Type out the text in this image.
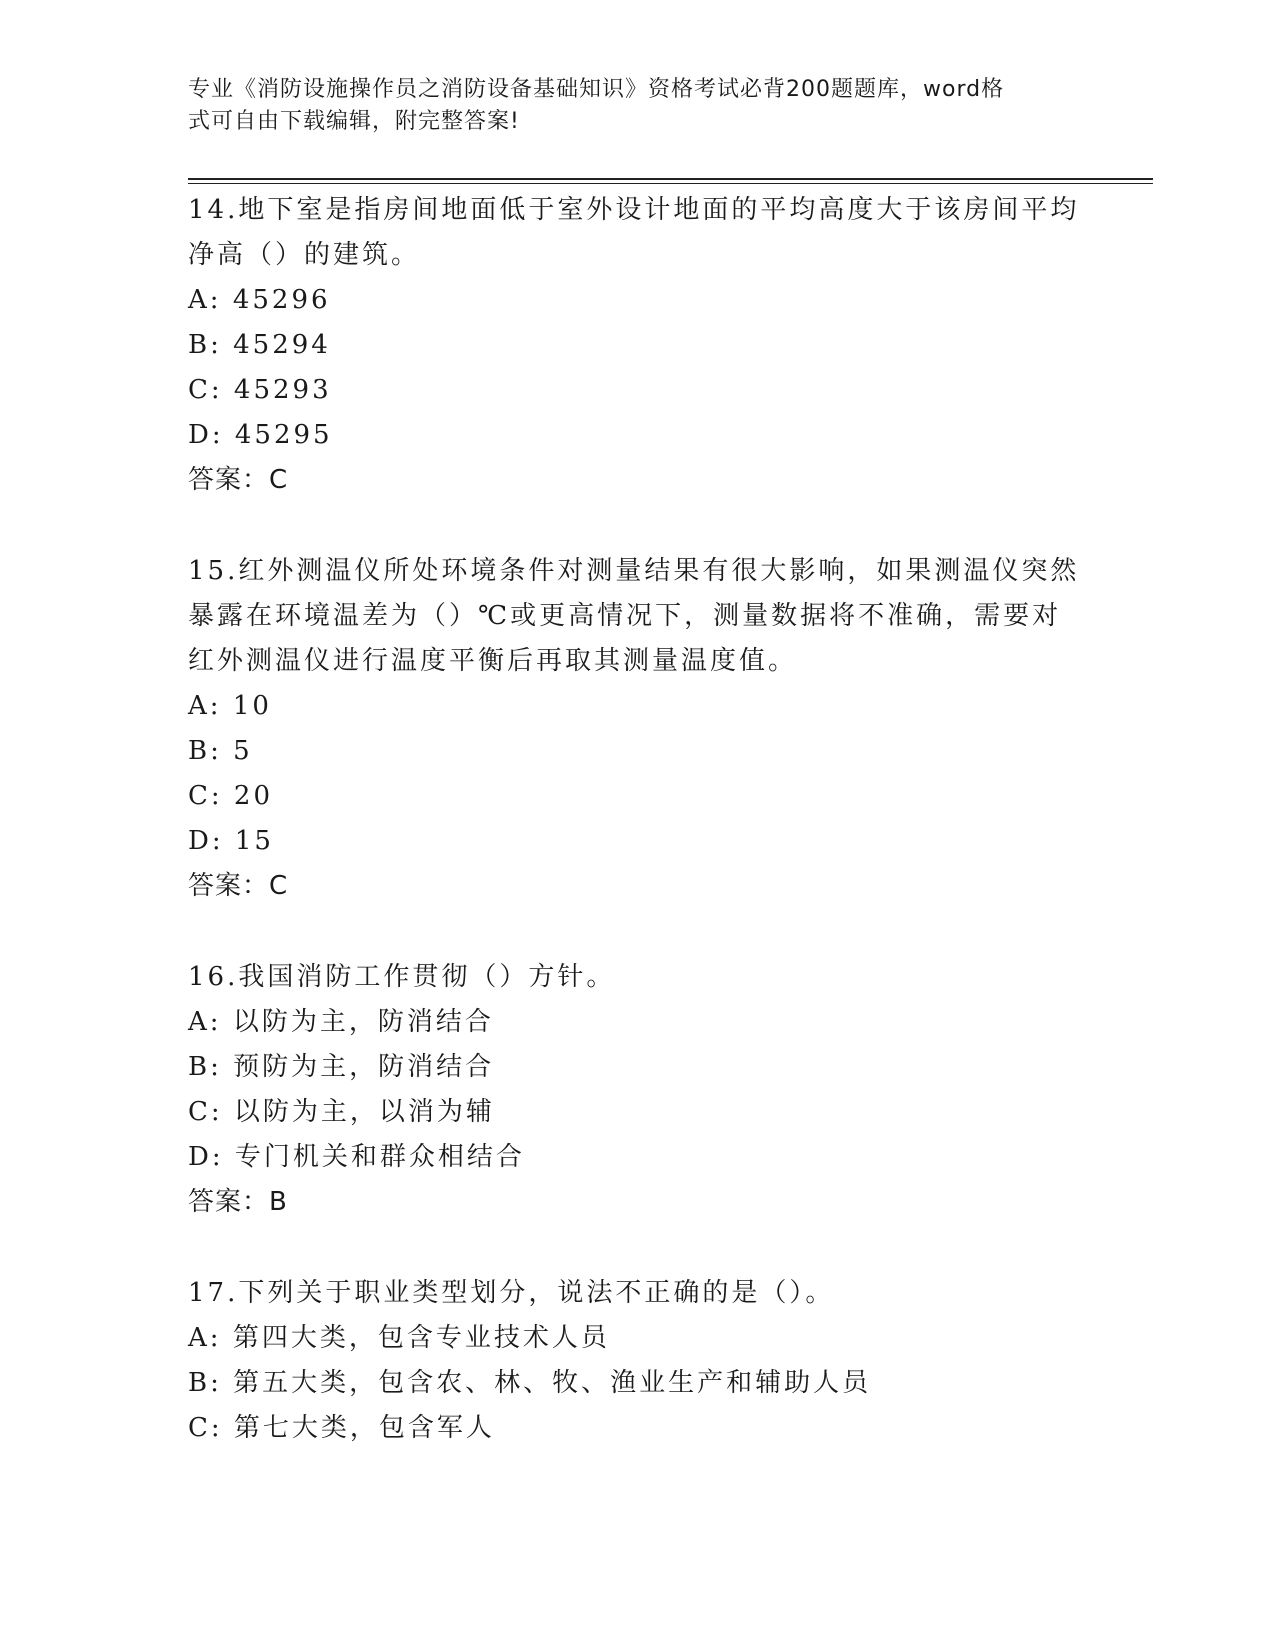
专业《消防设施操作员之消防设备基础知识》资格考试必背200题题库，word格
式可自由下载编辑，附完整答案!

14.地下室是指房间地面低于室外设计地面的平均高度大于该房间平均

净高（）的建筑。

A: 45296

B: 45294

C: 45293

D: 45295

答案：C

15.红外测温仪所处环境条件对测量结果有很大影响，如果测温仪突然

暴露在环境温差为（）℃或更高情况下，测量数据将不准确，需要对

红外测温仪进行温度平衡后再取其测量温度值。

A: 10

B: 5

C: 20

D: 15

答案：C

16.我国消防工作贯彻（）方针。

A: 以防为主，防消结合

B: 预防为主，防消结合

C: 以防为主，以消为辅

D: 专门机关和群众相结合

答案：B

17.下列关于职业类型划分，说法不正确的是（）。

A: 第四大类，包含专业技术人员

B: 第五大类，包含农、林、牧、渔业生产和辅助人员

C: 第七大类，包含军人
